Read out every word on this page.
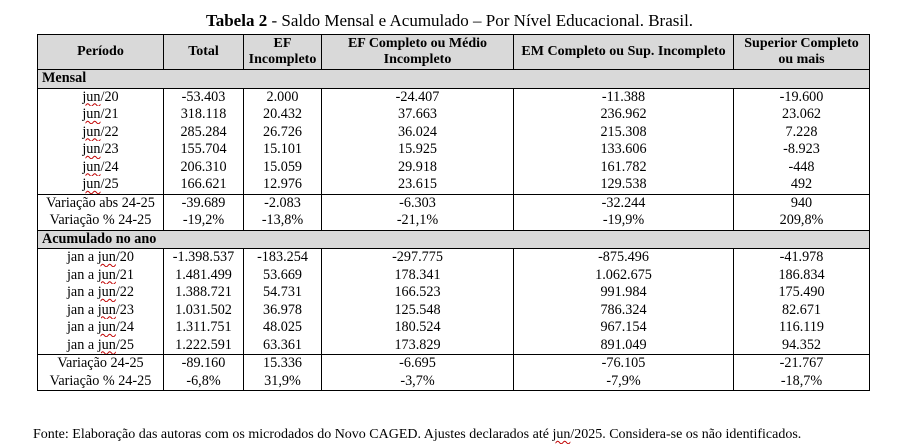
Tabela 2 - Saldo Mensal e Acumulado – Por Nível Educacional. Brasil.
Período	Total	EF Incompleto	EF Completo ou Médio Incompleto	EM Completo ou Sup. Incompleto	Superior Completo ou mais
Mensal					
jun/20	-53.403	2.000	-24.407	-11.388	-19.600
jun/21	318.118	20.432	37.663	236.962	23.062
jun/22	285.284	26.726	36.024	215.308	7.228
jun/23	155.704	15.101	15.925	133.606	-8.923
jun/24	206.310	15.059	29.918	161.782	-448
jun/25	166.621	12.976	23.615	129.538	492
Variação abs 24-25	-39.689	-2.083	-6.303	-32.244	940
Variação % 24-25	-19,2%	-13,8%	-21,1%	-19,9%	209,8%
Acumulado no ano					
jan a jun/20	-1.398.537	-183.254	-297.775	-875.496	-41.978
jan a jun/21	1.481.499	53.669	178.341	1.062.675	186.834
jan a jun/22	1.388.721	54.731	166.523	991.984	175.490
jan a jun/23	1.031.502	36.978	125.548	786.324	82.671
jan a jun/24	1.311.751	48.025	180.524	967.154	116.119
jan a jun/25	1.222.591	63.361	173.829	891.049	94.352
Variação 24-25	-89.160	15.336	-6.695	-76.105	-21.767
Variação % 24-25	-6,8%	31,9%	-3,7%	-7,9%	-18,7%
Fonte: Elaboração das autoras com os microdados do Novo CAGED. Ajustes declarados até jun/2025. Considera-se os não identificados.
